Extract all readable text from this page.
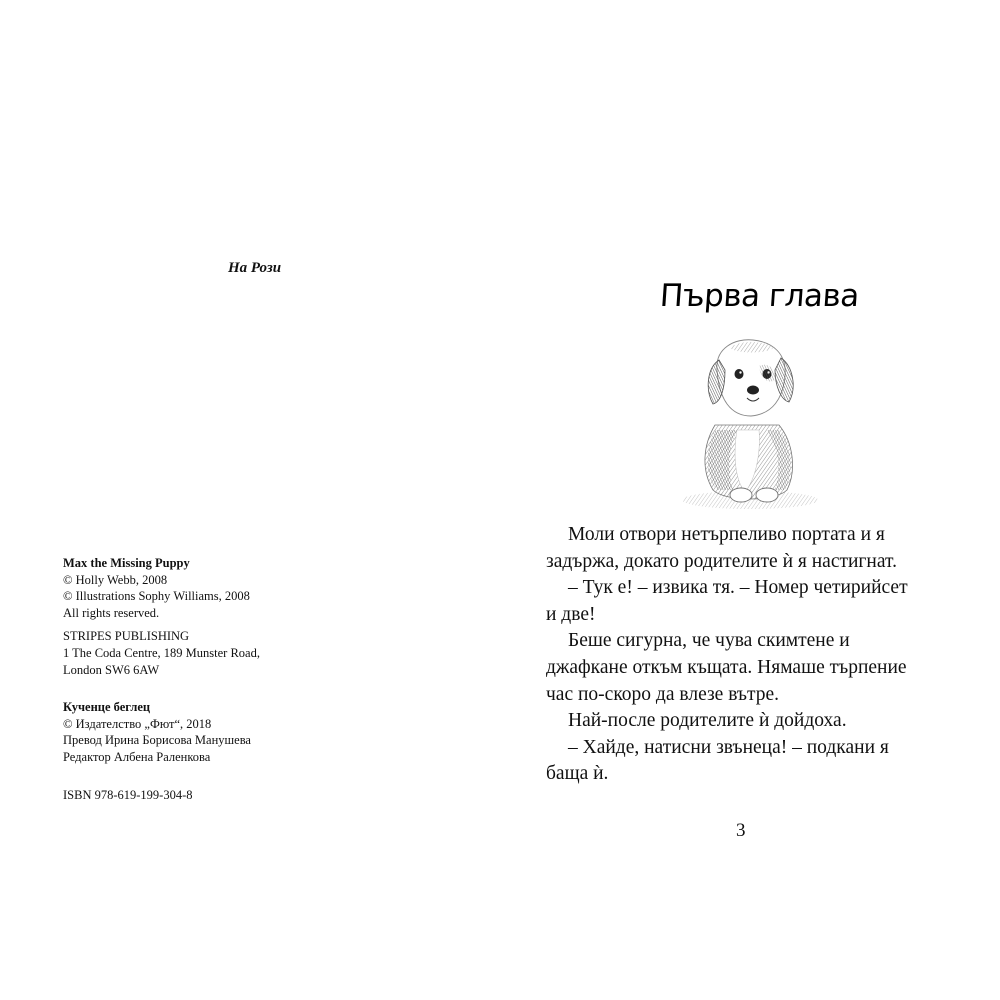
На Рози
Max the Missing Puppy
© Holly Webb, 2008
© Illustrations Sophy Williams, 2008
All rights reserved.
STRIPES PUBLISHING
1 The Coda Centre, 189 Munster Road,
London SW6 6AW
Кученце беглец
© Издателство „Фют“, 2018
Превод Ирина Борисова Манушева
Редактор Албена Раленкова
ISBN 978-619-199-304-8
Първа глава
Моли отвори нетърпеливо портата и я
задържа, докато родителите ѝ я настигнат.
– Тук е! – извика тя. – Номер четирийсет
и две!
Беше сигурна, че чува скимтене и
джафкане откъм къщата. Нямаше търпение
час по-скоро да влезе вътре.
Най-после родителите ѝ дойдоха.
– Хайде, натисни звънеца! – подкани я
баща ѝ.
3
